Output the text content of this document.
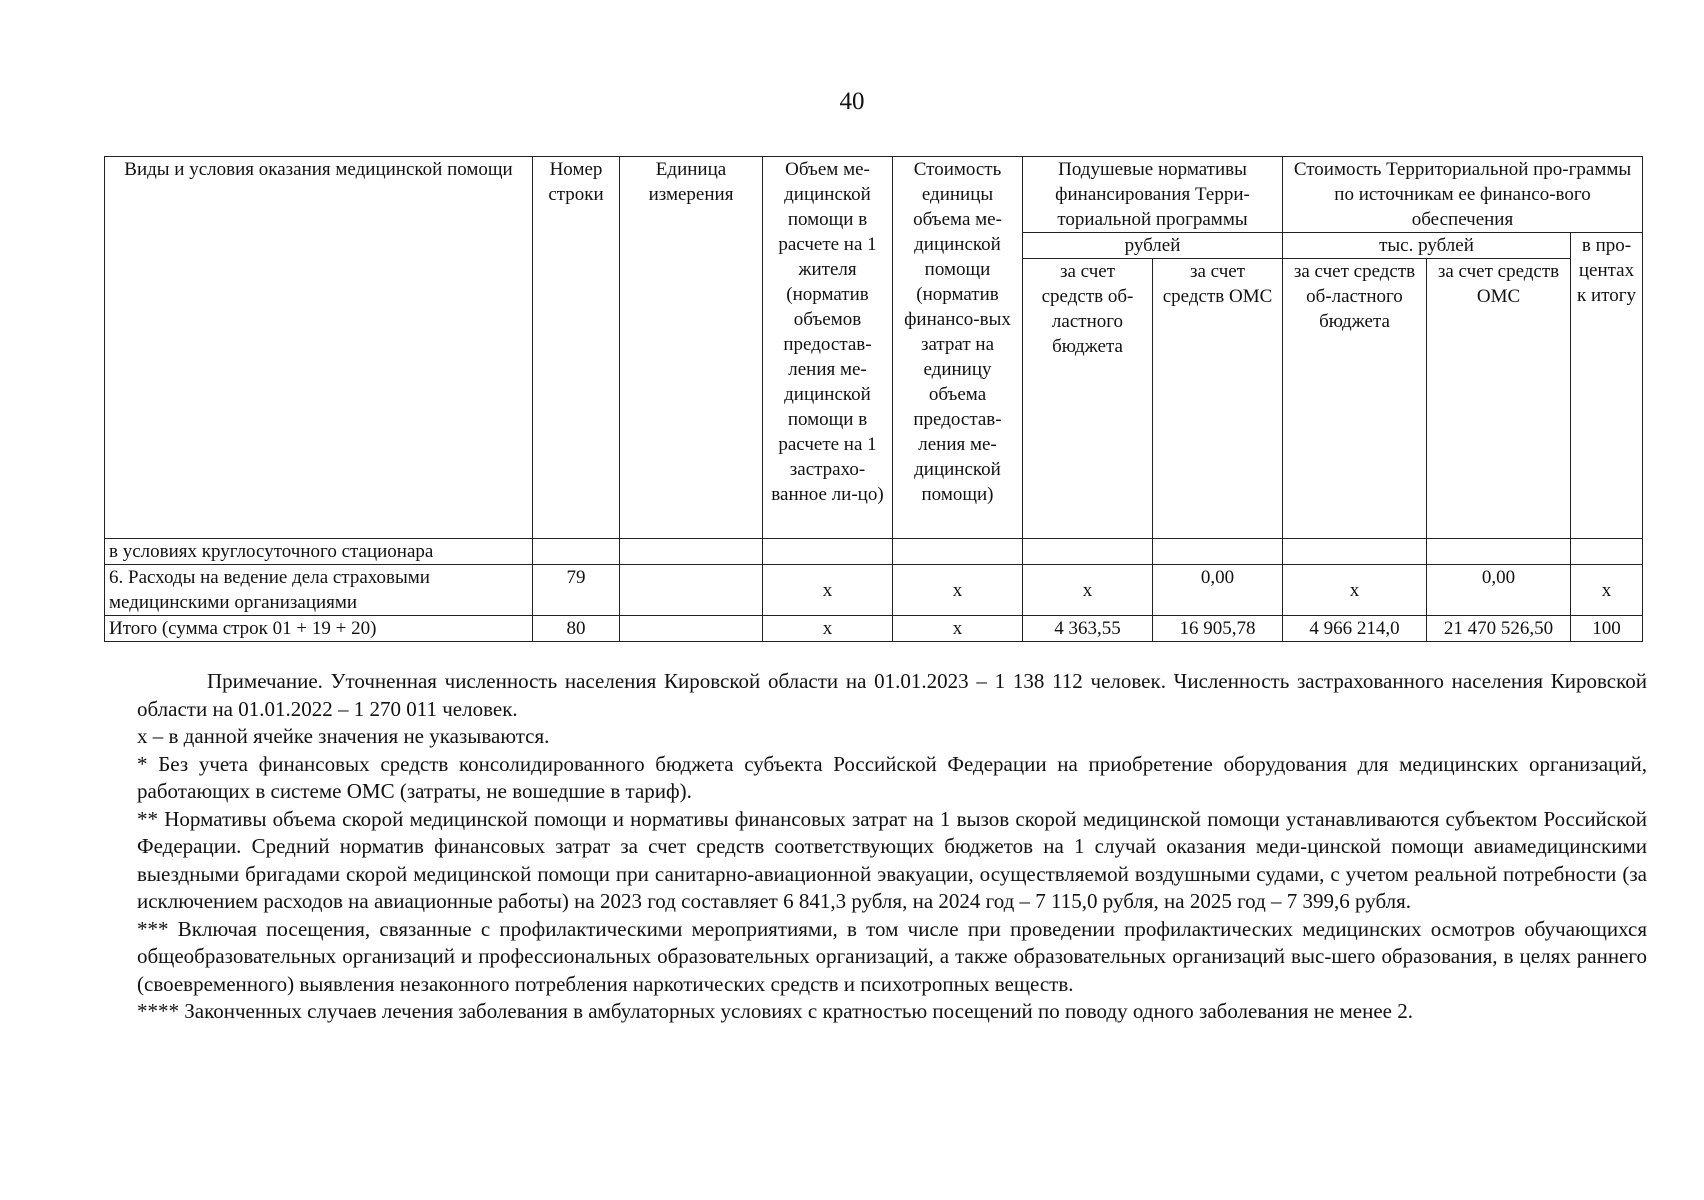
40
Виды и условия оказания медицинской помощи	Номер строки	Единица измерения	Объем ме-дицинской помощи в расчете на 1 жителя (норматив объемов предостав-ления ме-дицинской помощи в расчете на 1 застрахо-ванное ли-цо)	Стоимость единицы объема ме-дицинской помощи (норматив финансо-вых затрат на единицу объема предостав-ления ме-дицинской помощи)	Подушевые нормативы финансирования Терри-ториальной программы		Стоимость Территориальной про-граммы по источникам ее финансо-вого обеспечения		
					рублей		тыс. рублей		в про-центах к итогу
					за счет средств об-ластного бюджета	за счет средств ОМС	за счет средств об-ластного бюджета	за счет средств ОМС	
в условиях круглосуточного стационара									
6. Расходы на ведение дела страховыми медицинскими организациями	79		х	х	х	0,00	х	0,00	х
Итого (сумма строк 01 + 19 + 20)	80		х	х	4 363,55	16 905,78	4 966 214,0	21 470 526,50	100

Примечание. Уточненная численность населения Кировской области на 01.01.2023 – 1 138 112 человек. Численность застрахованного населения Кировской области на 01.01.2022 – 1 270 011 человек.

х – в данной ячейке значения не указываются.

* Без учета финансовых средств консолидированного бюджета субъекта Российской Федерации на приобретение оборудования для медицинских организаций, работающих в системе ОМС (затраты, не вошедшие в тариф).

** Нормативы объема скорой медицинской помощи и нормативы финансовых затрат на 1 вызов скорой медицинской помощи устанавливаются субъектом Российской Федерации. Средний норматив финансовых затрат за счет средств соответствующих бюджетов на 1 случай оказания меди-цинской помощи авиамедицинскими выездными бригадами скорой медицинской помощи при санитарно-авиационной эвакуации, осуществляемой воздушными судами, с учетом реальной потребности (за исключением расходов на авиационные работы) на 2023 год составляет 6 841,3 рубля, на 2024 год – 7 115,0 рубля, на 2025 год – 7 399,6 рубля.

*** Включая посещения, связанные с профилактическими мероприятиями, в том числе при проведении профилактических медицинских осмотров обучающихся общеобразовательных организаций и профессиональных образовательных организаций, а также образовательных организаций выс-шего образования, в целях раннего (своевременного) выявления незаконного потребления наркотических средств и психотропных веществ.

**** Законченных случаев лечения заболевания в амбулаторных условиях с кратностью посещений по поводу одного заболевания не менее 2.
